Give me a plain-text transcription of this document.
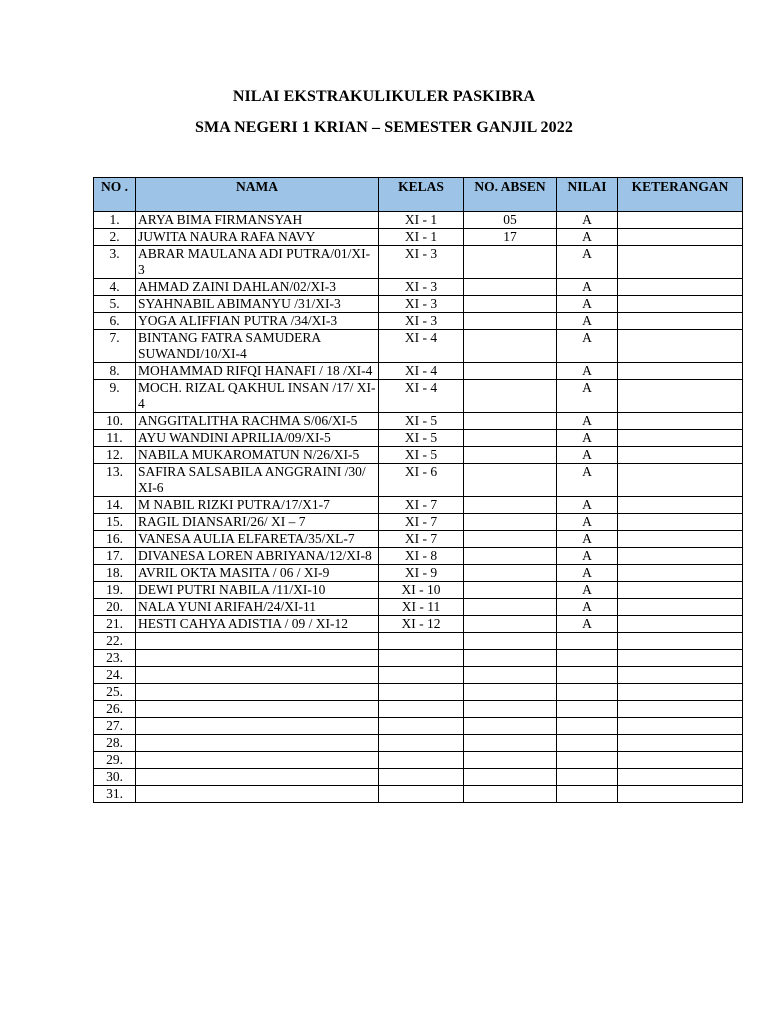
NILAI EKSTRAKULIKULER PASKIBRA
SMA NEGERI 1 KRIAN – SEMESTER GANJIL 2022
NO .	NAMA	KELAS	NO. ABSEN	NILAI	KETERANGAN
1.	ARYA BIMA FIRMANSYAH	XI - 1	05	A	
2.	JUWITA NAURA RAFA NAVY	XI - 1	17	A	
3.	ABRAR MAULANA ADI PUTRA/01/XI-3	XI - 3		A	
4.	AHMAD ZAINI DAHLAN/02/XI-3	XI - 3		A	
5.	SYAHNABIL ABIMANYU /31/XI-3	XI - 3		A	
6.	YOGA ALIFFIAN PUTRA /34/XI-3	XI - 3		A	
7.	BINTANG FATRA SAMUDERA SUWANDI/10/XI-4	XI - 4		A	
8.	MOHAMMAD RIFQI HANAFI / 18 /XI-4	XI - 4		A	
9.	MOCH. RIZAL QAKHUL INSAN /17/ XI-4	XI - 4		A	
10.	ANGGITALITHA RACHMA S/06/XI-5	XI - 5		A	
11.	AYU WANDINI APRILIA/09/XI-5	XI - 5		A	
12.	NABILA MUKAROMATUN N/26/XI-5	XI - 5		A	
13.	SAFIRA SALSABILA ANGGRAINI /30/ XI-6	XI - 6		A	
14.	M NABIL RIZKI PUTRA/17/X1-7	XI - 7		A	
15.	RAGIL DIANSARI/26/ XI – 7	XI - 7		A	
16.	VANESA AULIA ELFARETA/35/XL-7	XI - 7		A	
17.	DIVANESA LOREN ABRIYANA/12/XI-8	XI - 8		A	
18.	AVRIL OKTA MASITA / 06 / XI-9	XI - 9		A	
19.	DEWI PUTRI NABILA /11/XI-10	XI - 10		A	
20.	NALA YUNI ARIFAH/24/XI-11	XI - 11		A	
21.	HESTI CAHYA ADISTIA / 09 / XI-12	XI - 12		A	
22.					
23.					
24.					
25.					
26.					
27.					
28.					
29.					
30.					
31.					
